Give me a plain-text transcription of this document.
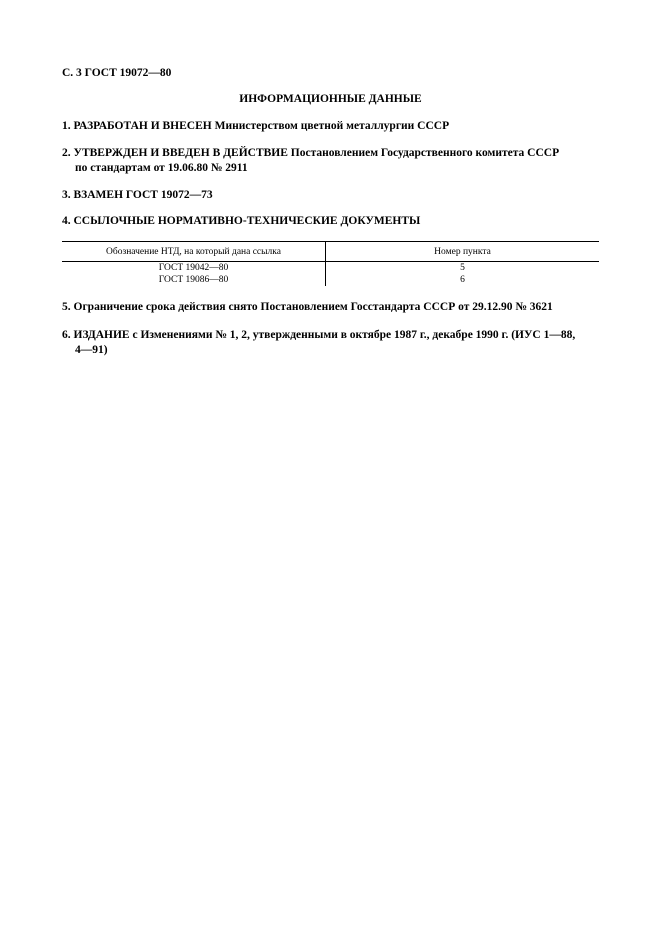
С. 3 ГОСТ 19072—80
ИНФОРМАЦИОННЫЕ ДАННЫЕ
1. РАЗРАБОТАН И ВНЕСЕН Министерством цветной металлургии СССР
2. УТВЕРЖДЕН И ВВЕДЕН В ДЕЙСТВИЕ Постановлением Государственного комитета СССР
по стандартам от 19.06.80 № 2911
3. ВЗАМЕН ГОСТ 19072—73
4. ССЫЛОЧНЫЕ НОРМАТИВНО-ТЕХНИЧЕСКИЕ ДОКУМЕНТЫ
Обозначение НТД, на который дана ссылка	Номер пункта
ГОСТ 19042—80	5
ГОСТ 19086—80	6
5. Ограничение срока действия снято Постановлением Госстандарта СССР от 29.12.90 № 3621
6. ИЗДАНИЕ с Изменениями № 1, 2, утвержденными в октябре 1987 г., декабре 1990 г. (ИУС 1—88,
4—91)
